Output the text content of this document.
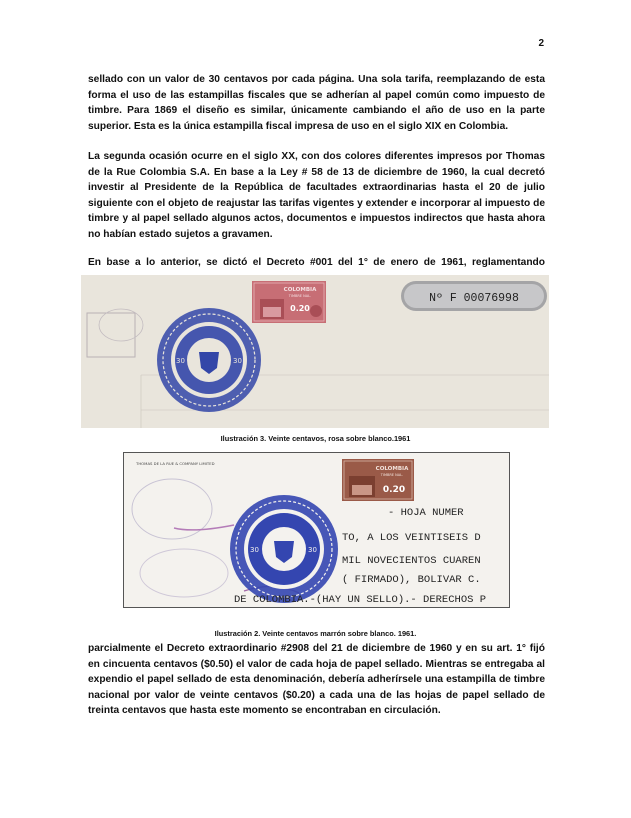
2

sellado con un valor de 30 centavos por cada página. Una sola tarifa, reemplazando de esta forma el uso de las estampillas fiscales que se adherían al papel común como impuesto de timbre. Para 1869 el diseño es similar, únicamente cambiando el año de uso en la parte superior. Esta es la única estampilla fiscal impresa de uso en el siglo XIX en Colombia.

La segunda ocasión ocurre en el siglo XX, con dos colores diferentes impresos por Thomas de la Rue Colombia S.A. En base a la Ley # 58 de 13 de diciembre de 1960, la cual decretó investir al Presidente de la República de facultades extraordinarias hasta el 20 de julio siguiente con el objeto de reajustar las tarifas vigentes y extender e incorporar al impuesto de timbre y al papel sellado algunos actos, documentos e impuestos indirectos que hasta ahora no habían estado sujetos a gravamen.

En base a lo anterior, se dictó el Decreto #001 del 1° de enero de 1961, reglamentando

30	30
COLOMBIA
TIMBRE NAL.
0.20
Nº F 00076998
Ilustración 3. Veinte centavos, rosa sobre blanco.1961
THOMAS DE LA RUE & COMPANY LIMITED
30	30
COLOMBIA
TIMBRE NAL.
0.20
- HOJA NUMER
TO, A LOS VEINTISEIS D
MIL NOVECIENTOS CUAREN
( FIRMADO), BOLIVAR C.
DE COLOMBIA.-(HAY UN SELLO).- DERECHOS P
Ilustración 2. Veinte centavos marrón sobre blanco. 1961.

parcialmente el Decreto extraordinario #2908 del 21 de diciembre de 1960 y en su art. 1° fijó en cincuenta centavos ($0.50) el valor de cada hoja de papel sellado. Mientras se entregaba al expendio el papel sellado de esta denominación, debería adherírsele una estampilla de timbre nacional por valor de veinte centavos ($0.20) a cada una de las hojas de papel sellado de treinta centavos que hasta este momento se encontraban en circulación.
